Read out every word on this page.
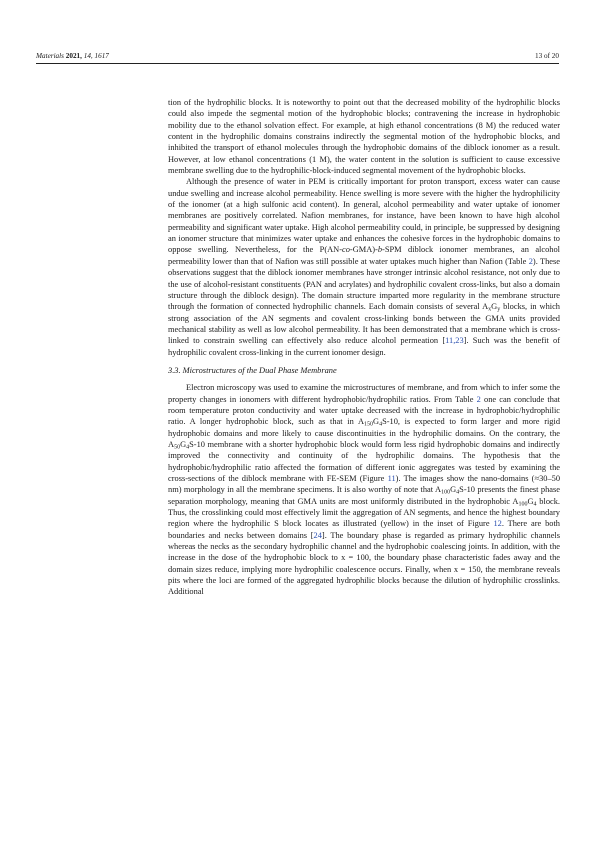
Materials 2021, 14, 1617	13 of 20

tion of the hydrophilic blocks. It is noteworthy to point out that the decreased mobility of the hydrophilic blocks could also impede the segmental motion of the hydrophobic blocks; contravening the increase in hydrophobic mobility due to the ethanol solvation effect. For example, at high ethanol concentrations (8 M) the reduced water content in the hydrophilic domains constrains indirectly the segmental motion of the hydrophobic blocks, and inhibited the transport of ethanol molecules through the hydrophobic domains of the diblock ionomer as a result. However, at low ethanol concentrations (1 M), the water content in the solution is sufficient to cause excessive membrane swelling due to the hydrophilic-block-induced segmental movement of the hydrophobic blocks.

Although the presence of water in PEM is critically important for proton transport, excess water can cause undue swelling and increase alcohol permeability. Hence swelling is more severe with the higher the hydrophilicity of the ionomer (at a high sulfonic acid content). In general, alcohol permeability and water uptake of ionomer membranes are positively correlated. Nafion membranes, for instance, have been known to have high alcohol permeability and significant water uptake. High alcohol permeability could, in principle, be suppressed by designing an ionomer structure that minimizes water uptake and enhances the cohesive forces in the hydrophobic domains to oppose swelling. Nevertheless, for the P(AN-co-GMA)-b-SPM diblock ionomer membranes, an alcohol permeability lower than that of Nafion was still possible at water uptakes much higher than Nafion (Table 2). These observations suggest that the diblock ionomer membranes have stronger intrinsic alcohol resistance, not only due to the use of alcohol-resistant constituents (PAN and acrylates) and hydrophilic covalent cross-links, but also a domain structure through the diblock design). The domain structure imparted more regularity in the membrane structure through the formation of connected hydrophilic channels. Each domain consists of several $A_xG_y$ blocks, in which strong association of the AN segments and covalent cross-linking bonds between the GMA units provided mechanical stability as well as low alcohol permeability. It has been demonstrated that a membrane which is cross-linked to constrain swelling can effectively also reduce alcohol permeation [11,23]. Such was the benefit of hydrophilic covalent cross-linking in the current ionomer design.

3.3. Microstructures of the Dual Phase Membrane

Electron microscopy was used to examine the microstructures of membrane, and from which to infer some the property changes in ionomers with different hydrophobic/hydrophilic ratios. From Table 2 one can conclude that room temperature proton conductivity and water uptake decreased with the increase in hydrophobic/hydrophilic ratio. A longer hydrophobic block, such as that in $A_{150}G_4S-10$, is expected to form larger and more rigid hydrophobic domains and more likely to cause discontinuities in the hydrophilic domains. On the contrary, the $A_{50}G_4S-10$ membrane with a shorter hydrophobic block would form less rigid hydrophobic domains and indirectly improved the connectivity and continuity of the hydrophilic domains. The hypothesis that the hydrophobic/hydrophilic ratio affected the formation of different ionic aggregates was tested by examining the cross-sections of the diblock membrane with FE-SEM (Figure 11). The images show the nano-domains (≈30–50 nm) morphology in all the membrane specimens. It is also worthy of note that $A_{100}G_4S-10$ presents the finest phase separation morphology, meaning that GMA units are most uniformly distributed in the hydrophobic $A_{100}G_4$ block. Thus, the crosslinking could most effectively limit the aggregation of AN segments, and hence the highest boundary region where the hydrophilic S block locates as illustrated (yellow) in the inset of Figure 12. There are both boundaries and necks between domains [24]. The boundary phase is regarded as primary hydrophilic channels whereas the necks as the secondary hydrophilic channel and the hydrophobic coalescing joints. In addition, with the increase in the dose of the hydrophobic block to x = 100, the boundary phase characteristic fades away and the domain sizes reduce, implying more hydrophilic coalescence occurs. Finally, when x = 150, the membrane reveals pits where the loci are formed of the aggregated hydrophilic blocks because the dilution of hydrophilic crosslinks. Additional
